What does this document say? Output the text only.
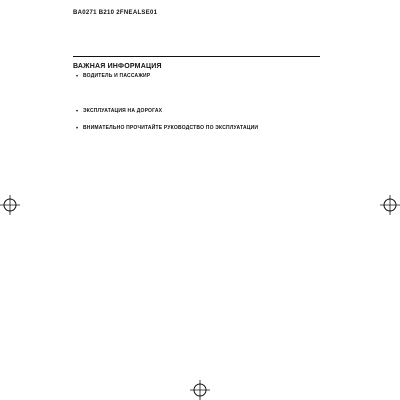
BA0271 B210 2FNEALSE01
ВАЖНАЯ ИНФОРМАЦИЯ
• ВОДИТЕЛЬ И ПАССАЖИР
• ЭКСПЛУАТАЦИЯ НА ДОРОГАХ
• ВНИМАТЕЛЬНО ПРОЧИТАЙТЕ РУКОВОДСТВО ПО ЭКСПЛУАТАЦИИ
